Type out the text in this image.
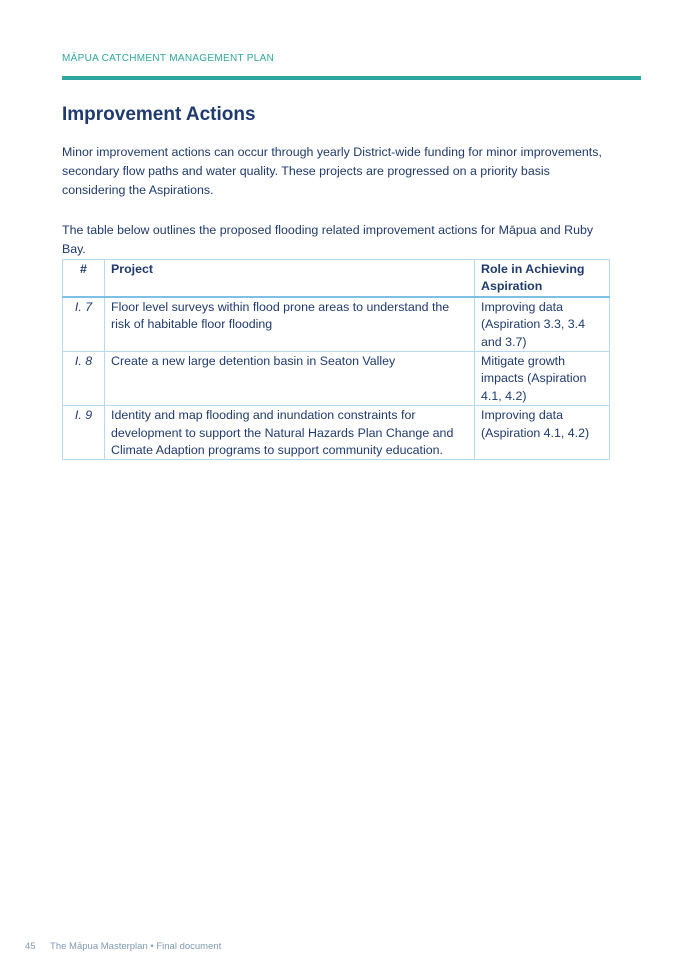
MĀPUA CATCHMENT MANAGEMENT PLAN
Improvement Actions

Minor improvement actions can occur through yearly District-wide funding for minor improvements, secondary flow paths and water quality. These projects are progressed on a priority basis considering the Aspirations.

The table below outlines the proposed flooding related improvement actions for Māpua and Ruby Bay.

#	Project	Role in Achieving Aspiration
I. 7	Floor level surveys within flood prone areas to understand the risk of habitable floor flooding	Improving data (Aspiration 3.3, 3.4 and 3.7)
I. 8	Create a new large detention basin in Seaton Valley	Mitigate growth impacts (Aspiration 4.1, 4.2)
I. 9	Identity and map flooding and inundation constraints for development to support the Natural Hazards Plan Change and Climate Adaption programs to support community education.	Improving data (Aspiration 4.1, 4.2)
45 The Māpua Masterplan • Final document
